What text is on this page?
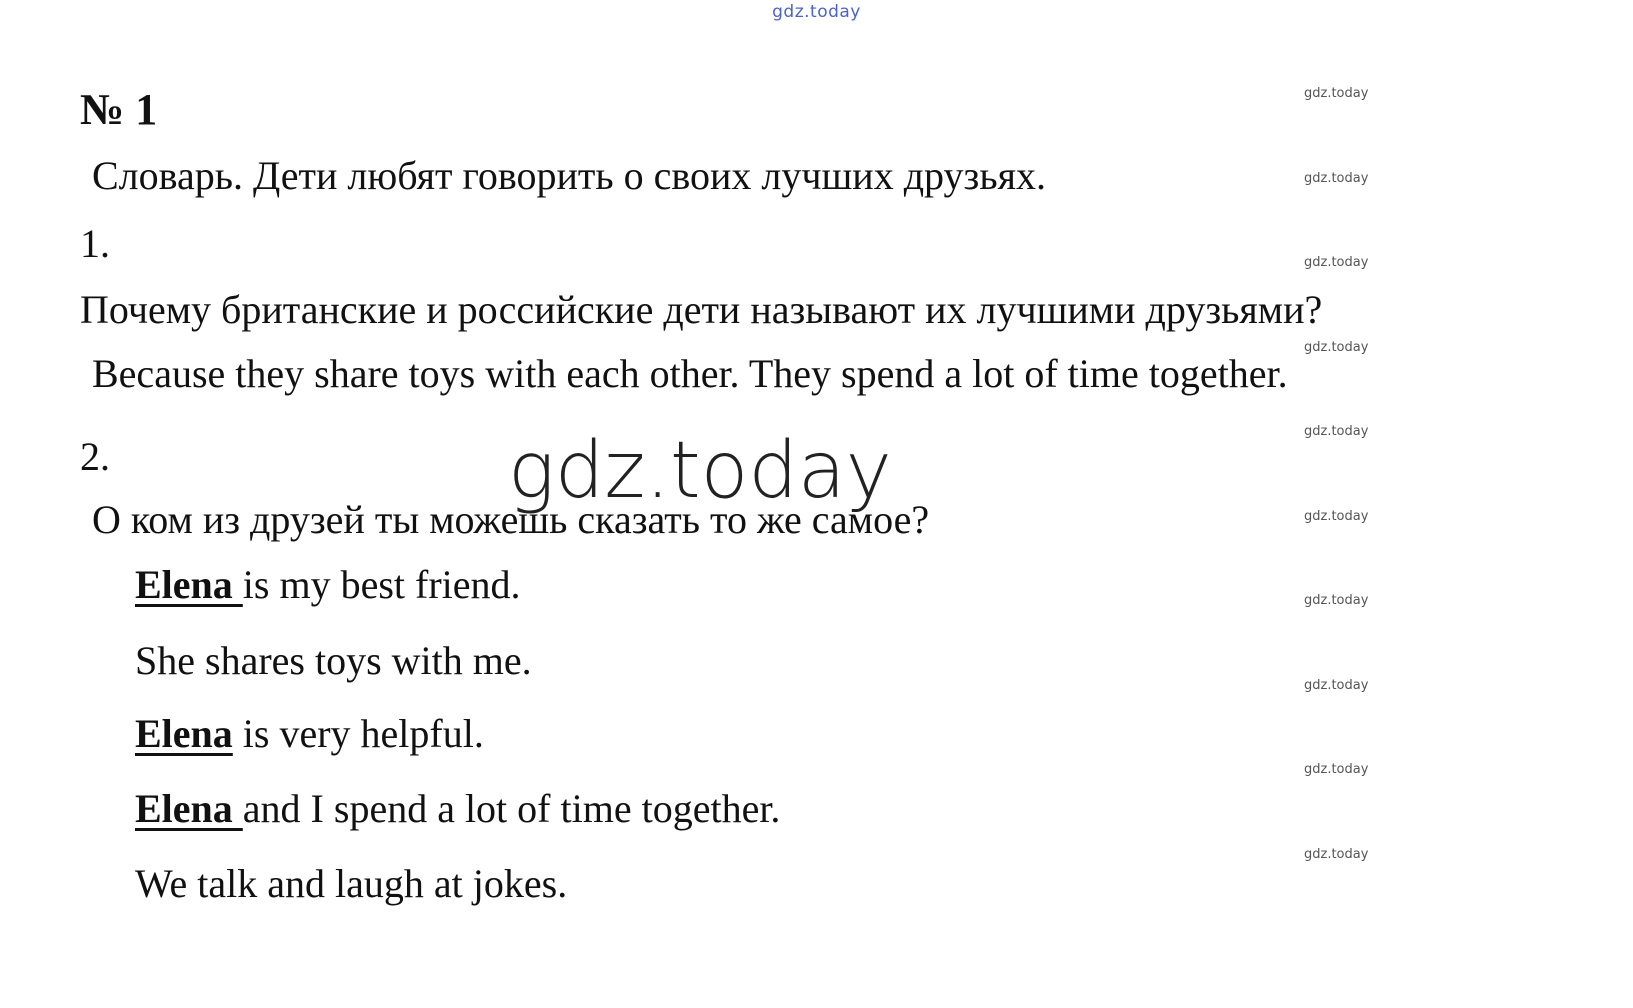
gdz.today
gdz.today
gdz.today
gdz.today
gdz.today
gdz.today
gdz.today
gdz.today
gdz.today
gdz.today
gdz.today
№ 1
Словарь. Дети любят говорить о своих лучших друзьях.
1.
Почему британские и российские дети называют их лучшими друзьями?
Because they share toys with each other. They spend a lot of time together.
2.
О ком из друзей ты можешь сказать то же самое?
Elena is my best friend.
She shares toys with me.
Elena is very helpful.
Elena and I spend a lot of time together.
We talk and laugh at jokes.
gdz.today
